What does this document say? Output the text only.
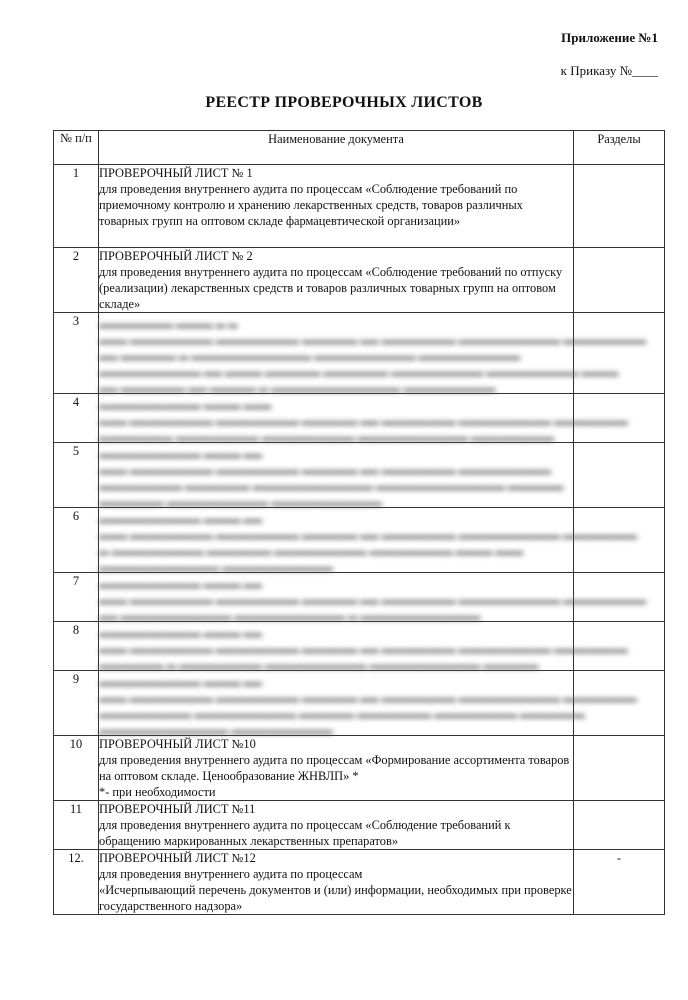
Приложение №1
к Приказу №____
РЕЕСТР ПРОВЕРОЧНЫХ ЛИСТОВ
№ п/п	Наименование документа	Разделы
1	ПРОВЕРОЧНЫЙ ЛИСТ № 1
для проведения внутреннего аудита по процессам «Соблюдение требований по приемочному контролю и хранению лекарственных средств, товаров различных товарных групп на оптовом складе фармацевтической организации»	

2	ПРОВЕРОЧНЫЙ ЛИСТ № 2
для проведения внутреннего аудита по процессам «Соблюдение требований по отпуску (реализации) лекарственных средств и товаров различных товарных групп на оптовом складе»	

3	▂▂▂▂▂▂▂▂ ▂▂▂▂ ▂ ▂
▂▂▂ ▂▂▂▂▂▂▂▂▂ ▂▂▂▂▂▂▂▂▂ ▂▂▂▂▂▂ ▂▂ ▂▂▂▂▂▂▂▂ ▂▂▂▂▂▂▂▂▂▂▂ ▂▂▂▂▂▂▂▂▂
▂▂ ▂▂▂▂▂▂ ▂ ▂▂▂▂▂▂▂▂▂▂▂▂▂ ▂▂▂▂▂▂▂▂▂▂▂ ▂▂▂▂▂▂▂▂▂▂▂
▂▂▂▂▂▂▂▂▂▂▂ ▂▂ ▂▂▂▂ ▂▂▂▂▂▂ ▂▂▂▂▂▂▂ ▂▂▂▂▂▂▂▂▂▂ ▂▂▂▂▂▂▂▂▂▂ ▂▂▂▂
▂▂ ▂▂▂▂▂▂▂ ▂▂ ▂▂▂▂▂ ▂ ▂▂▂▂▂▂▂▂▂▂▂▂▂▂ ▂▂▂▂▂▂▂▂▂▂	

4	▂▂▂▂▂▂▂▂▂▂▂ ▂▂▂▂ ▂▂▂
▂▂▂ ▂▂▂▂▂▂▂▂▂ ▂▂▂▂▂▂▂▂▂ ▂▂▂▂▂▂ ▂▂ ▂▂▂▂▂▂▂▂ ▂▂▂▂▂▂▂▂▂▂ ▂▂▂▂▂▂▂▂
▂▂▂▂▂▂▂▂ ▂▂▂▂▂▂▂▂▂ ▂▂▂▂▂▂▂▂▂▂ ▂▂▂▂▂▂▂▂▂▂▂▂ ▂▂▂▂▂▂▂▂▂	

5	▂▂▂▂▂▂▂▂▂▂▂ ▂▂▂▂ ▂▂
▂▂▂ ▂▂▂▂▂▂▂▂▂ ▂▂▂▂▂▂▂▂▂ ▂▂▂▂▂▂ ▂▂ ▂▂▂▂▂▂▂▂ ▂▂▂▂▂▂▂▂▂▂
▂▂▂▂▂▂▂▂▂ ▂▂▂▂▂▂▂ ▂▂▂▂▂▂▂▂▂▂▂▂▂ ▂▂▂▂▂▂▂▂▂▂▂▂▂▂ ▂▂▂▂▂▂
▂▂▂▂▂▂▂ ▂▂▂▂▂▂▂▂▂▂▂ ▂▂▂▂▂▂▂▂▂▂▂▂	

6	▂▂▂▂▂▂▂▂▂▂▂ ▂▂▂▂ ▂▂
▂▂▂ ▂▂▂▂▂▂▂▂▂ ▂▂▂▂▂▂▂▂▂ ▂▂▂▂▂▂ ▂▂ ▂▂▂▂▂▂▂▂ ▂▂▂▂▂▂▂▂▂▂▂ ▂▂▂▂▂▂▂▂
▂ ▂▂▂▂▂▂▂▂▂▂ ▂▂▂▂▂▂▂ ▂▂▂▂▂▂▂▂▂▂ ▂▂▂▂▂▂▂▂▂ ▂▂▂▂ ▂▂▂
▂▂▂▂▂▂▂▂▂▂▂▂▂ ▂▂▂▂▂▂▂▂▂▂▂▂	

7	▂▂▂▂▂▂▂▂▂▂▂ ▂▂▂▂ ▂▂
▂▂▂ ▂▂▂▂▂▂▂▂▂ ▂▂▂▂▂▂▂▂▂ ▂▂▂▂▂▂ ▂▂ ▂▂▂▂▂▂▂▂ ▂▂▂▂▂▂▂▂▂▂▂ ▂▂▂▂▂▂▂▂▂
▂▂ ▂▂▂▂▂▂▂▂▂▂▂▂ ▂▂▂▂▂▂▂▂▂▂▂▂ ▂ ▂▂▂▂▂▂▂▂▂▂▂▂▂	

8	▂▂▂▂▂▂▂▂▂▂▂ ▂▂▂▂ ▂▂
▂▂▂ ▂▂▂▂▂▂▂▂▂ ▂▂▂▂▂▂▂▂▂ ▂▂▂▂▂▂ ▂▂ ▂▂▂▂▂▂▂▂ ▂▂▂▂▂▂▂▂▂▂ ▂▂▂▂▂▂▂▂
▂▂▂▂▂▂▂ ▂ ▂▂▂▂▂▂▂▂▂ ▂▂▂▂▂▂▂▂▂▂▂ ▂▂▂▂▂▂▂▂▂▂▂▂ ▂▂▂▂▂▂	

9	▂▂▂▂▂▂▂▂▂▂▂ ▂▂▂▂ ▂▂
▂▂▂ ▂▂▂▂▂▂▂▂▂ ▂▂▂▂▂▂▂▂▂ ▂▂▂▂▂▂ ▂▂ ▂▂▂▂▂▂▂▂ ▂▂▂▂▂▂▂▂▂▂▂ ▂▂▂▂▂▂▂▂
▂▂▂▂▂▂▂▂▂▂ ▂▂▂▂▂▂▂▂▂▂▂ ▂▂▂▂▂▂ ▂▂▂▂▂▂▂▂ ▂▂▂▂▂▂▂▂▂ ▂▂▂▂▂▂▂
▂▂▂▂▂▂▂▂▂▂▂▂▂▂ ▂▂▂▂▂▂▂▂▂▂▂	

10	ПРОВЕРОЧНЫЙ ЛИСТ №10
для проведения внутреннего аудита по процессам «Формирование ассортимента товаров на оптовом складе. Ценообразование ЖНВЛП» *
*- при необходимости	

11	ПРОВЕРОЧНЫЙ ЛИСТ №11
для проведения внутреннего аудита по процессам «Соблюдение требований к обращению маркированных лекарственных препаратов»	

12.	ПРОВЕРОЧНЫЙ ЛИСТ №12
для проведения внутреннего аудита по процессам
«Исчерпывающий перечень документов и (или) информации, необходимых при проверке государственного надзора»	-
